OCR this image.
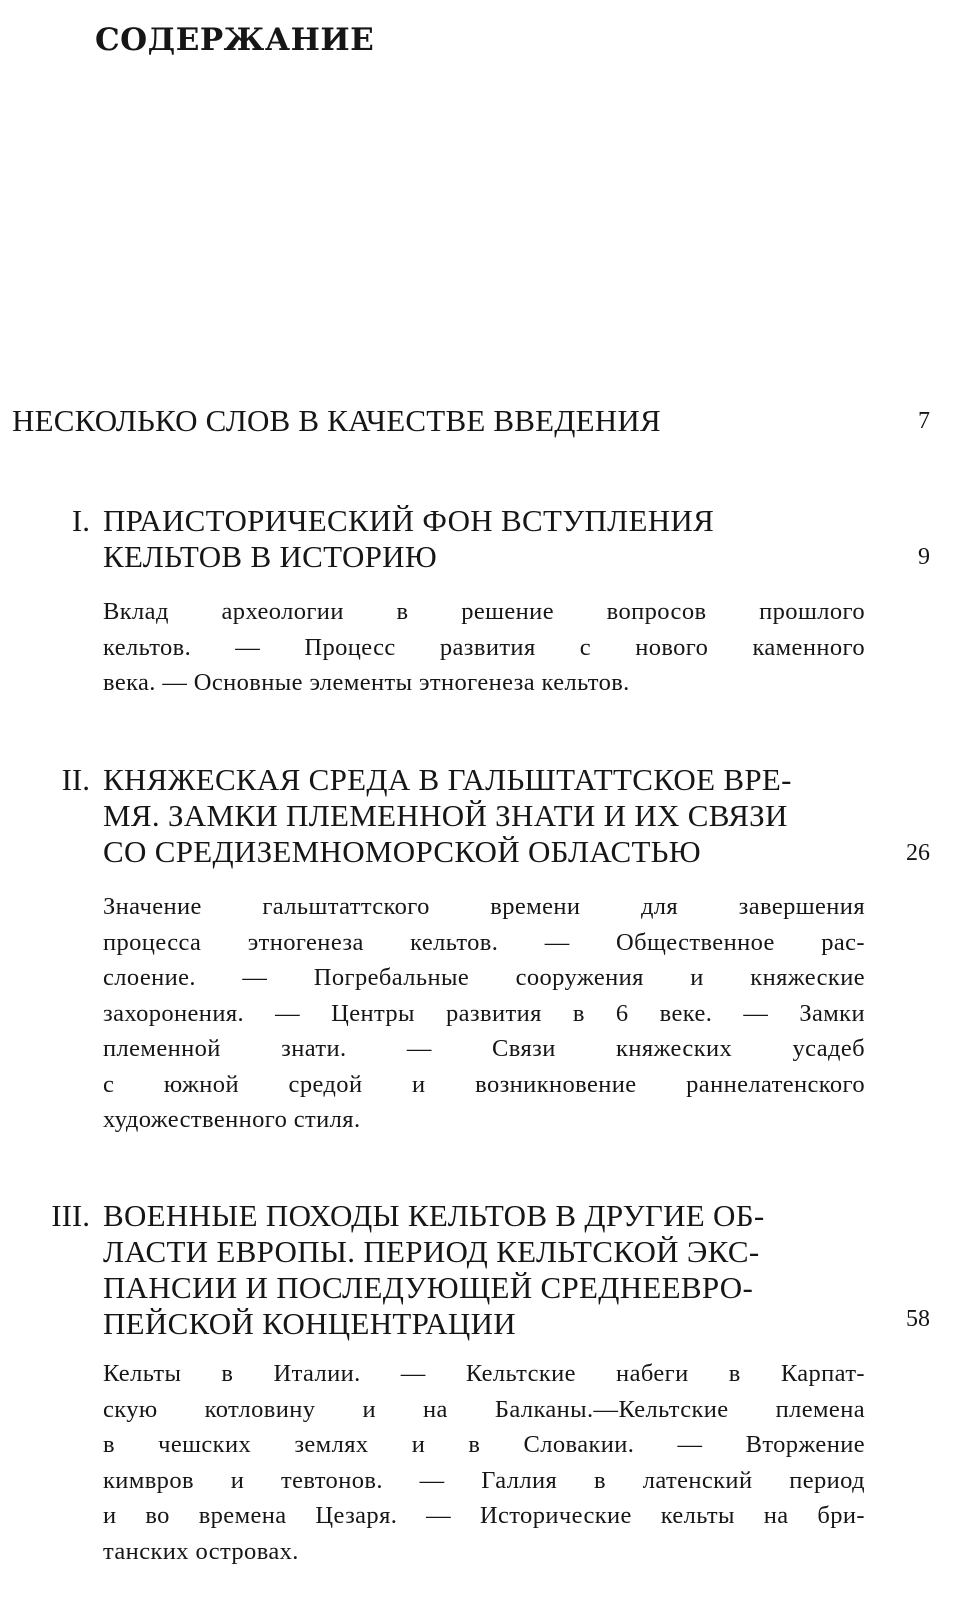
СОДЕРЖАНИЕ
НЕСКОЛЬКО СЛОВ В КАЧЕСТВЕ ВВЕДЕНИЯ	7
I. ПРАИСТОРИЧЕСКИЙ ФОН ВСТУПЛЕНИЯ
КЕЛЬТОВ В ИСТОРИЮ	9
Вклад археологии в решение вопросов прошлого
кельтов. — Процесс развития с нового каменного
века. — Основные элементы этногенеза кельтов.
II. КНЯЖЕСКАЯ СРЕДА В ГАЛЬШТАТТСКОЕ ВРЕ-
МЯ. ЗАМКИ ПЛЕМЕННОЙ ЗНАТИ И ИХ СВЯЗИ
СО СРЕДИЗЕМНОМОРСКОЙ ОБЛАСТЬЮ	26
Значение гальштаттского времени для завершения
процесса этногенеза кельтов. — Общественное рас-
слоение. — Погребальные сооружения и княжеские
захоронения. — Центры развития в 6 веке. — Замки
племенной знати. — Связи княжеских усадеб
с южной средой и возникновение раннелатенского
художественного стиля.
III. ВОЕННЫЕ ПОХОДЫ КЕЛЬТОВ В ДРУГИЕ ОБ-
ЛАСТИ ЕВРОПЫ. ПЕРИОД КЕЛЬТСКОЙ ЭКС-
ПАНСИИ И ПОСЛЕДУЮЩЕЙ СРЕДНЕЕВРО-
ПЕЙСКОЙ КОНЦЕНТРАЦИИ	58
Кельты в Италии. — Кельтские набеги в Карпат-
скую котловину и на Балканы.—Кельтские племена
в чешских землях и в Словакии. — Вторжение
кимвров и тевтонов. — Галлия в латенский период
и во времена Цезаря. — Исторические кельты на бри-
танских островах.
